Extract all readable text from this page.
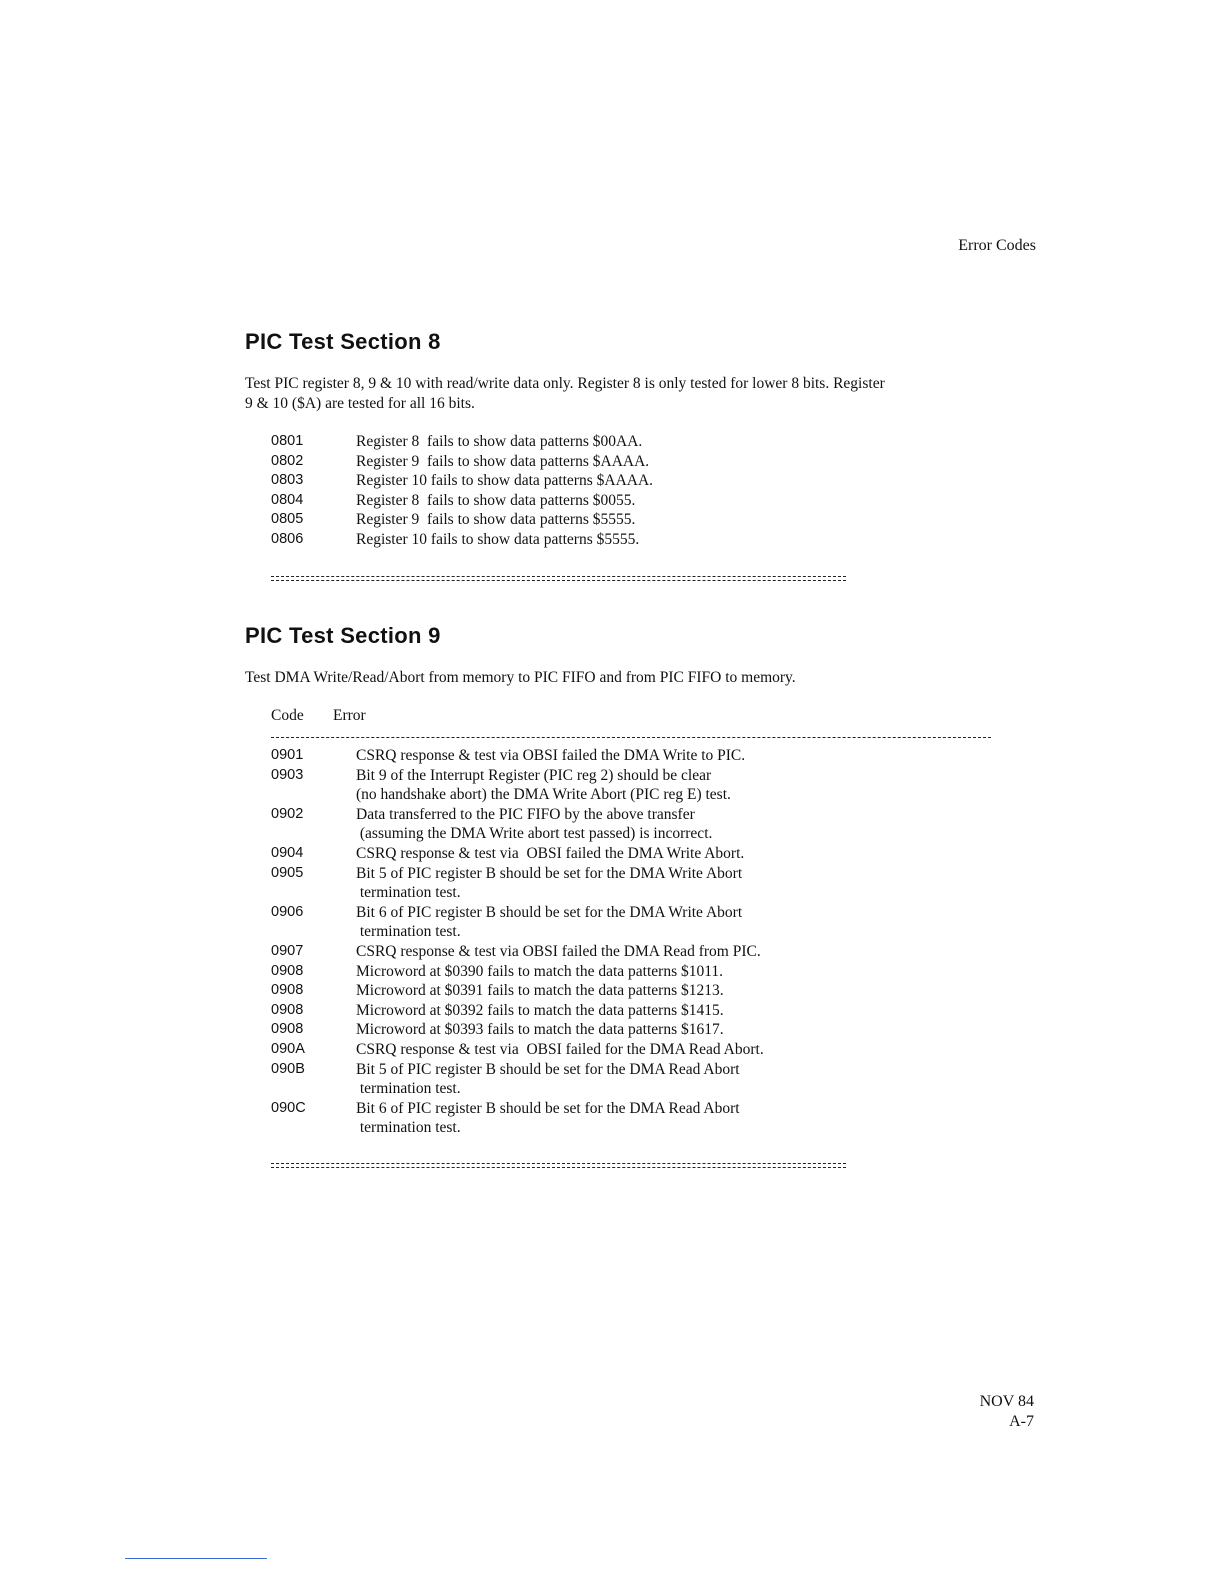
Error Codes
PIC Test Section 8
Test PIC register 8, 9 & 10 with read/write data only. Register 8 is only tested for lower 8 bits. Register
9 & 10 ($A) are tested for all 16 bits.
0801	Register 8  fails to show data patterns $00AA.
0802	Register 9  fails to show data patterns $AAAA.
0803	Register 10 fails to show data patterns $AAAA.
0804	Register 8  fails to show data patterns $0055.
0805	Register 9  fails to show data patterns $5555.
0806	Register 10 fails to show data patterns $5555.
PIC Test Section 9
Test DMA Write/Read/Abort from memory to PIC FIFO and from PIC FIFO to memory.
Code Error
0901	CSRQ response & test via OBSI failed the DMA Write to PIC.
0903	Bit 9 of the Interrupt Register (PIC reg 2) should be clear
(no handshake abort) the DMA Write Abort (PIC reg E) test.
0902	Data transferred to the PIC FIFO by the above transfer
(assuming the DMA Write abort test passed) is incorrect.
0904	CSRQ response & test via  OBSI failed the DMA Write Abort.
0905	Bit 5 of PIC register B should be set for the DMA Write Abort
termination test.
0906	Bit 6 of PIC register B should be set for the DMA Write Abort
termination test.
0907	CSRQ response & test via OBSI failed the DMA Read from PIC.
0908	Microword at $0390 fails to match the data patterns $1011.
0908	Microword at $0391 fails to match the data patterns $1213.
0908	Microword at $0392 fails to match the data patterns $1415.
0908	Microword at $0393 fails to match the data patterns $1617.
090A	CSRQ response & test via  OBSI failed for the DMA Read Abort.
090B	Bit 5 of PIC register B should be set for the DMA Read Abort
termination test.
090C	Bit 6 of PIC register B should be set for the DMA Read Abort
termination test.
NOV 84
A-7
